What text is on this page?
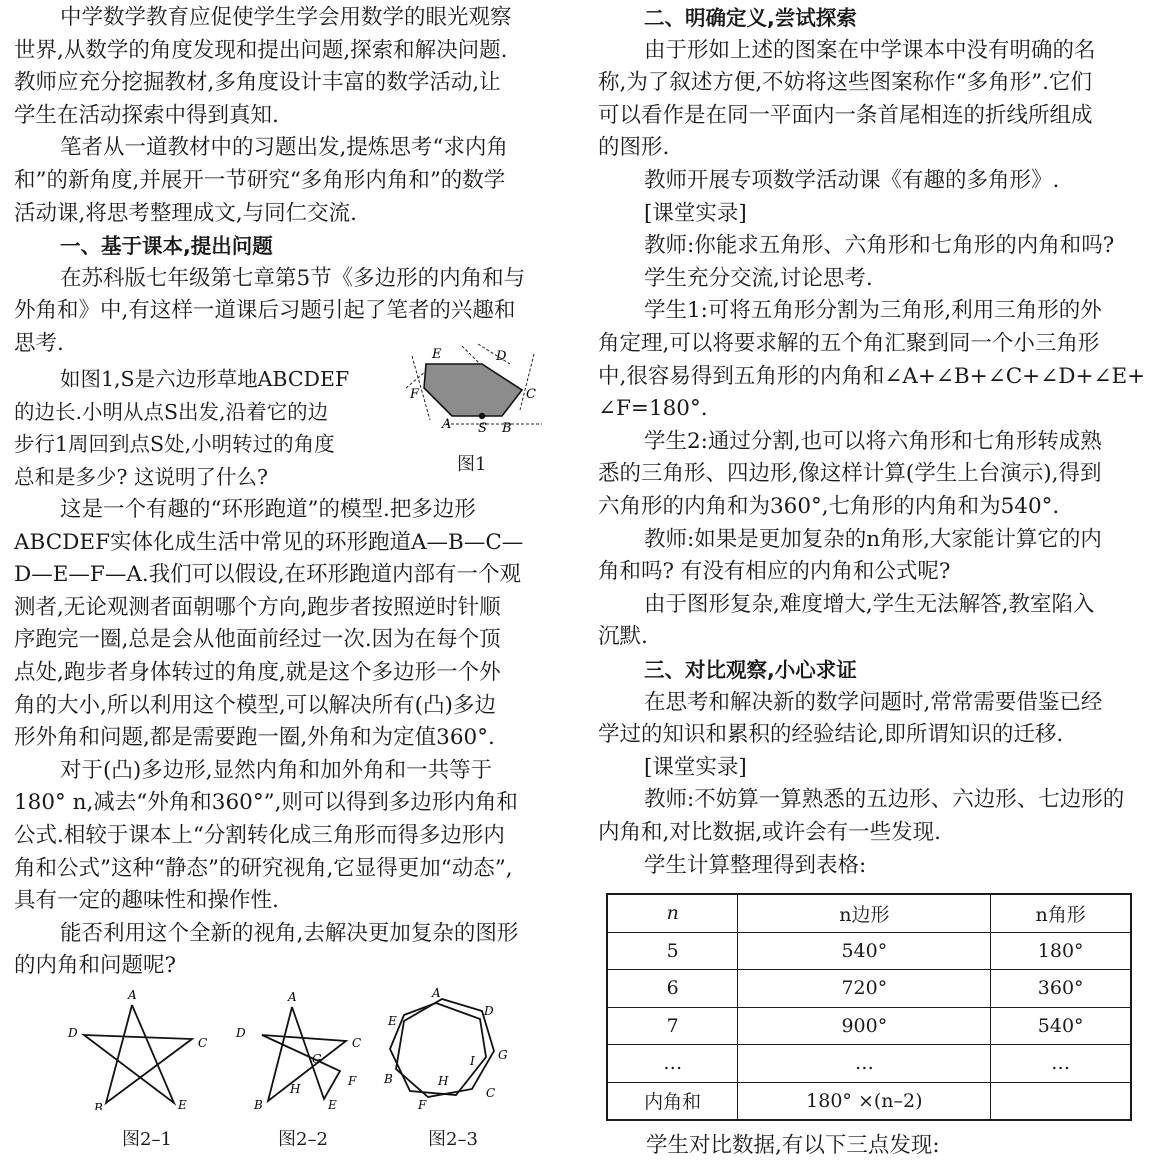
中学数学教育应促使学生学会用数学的眼光观察
世界,从数学的角度发现和提出问题,探索和解决问题.
教师应充分挖掘教材,多角度设计丰富的数学活动,让
学生在活动探索中得到真知.
笔者从一道教材中的习题出发,提炼思考“求内角
和”的新角度,并展开一节研究“多角形内角和”的数学
活动课,将思考整理成文,与同仁交流.
一、基于课本,提出问题
在苏科版七年级第七章第5节《多边形的内角和与
外角和》中,有这样一道课后习题引起了笔者的兴趣和
思考.
如图1,S是六边形草地ABCDEF
的边长.小明从点S出发,沿着它的边
步行1周回到点S处,小明转过的角度
总和是多少? 这说明了什么?
E	D
F	C
A S B
图1
这是一个有趣的“环形跑道”的模型.把多边形
ABCDEF实体化成生活中常见的环形跑道A—B—C—
D—E—F—A.我们可以假设,在环形跑道内部有一个观
测者,无论观测者面朝哪个方向,跑步者按照逆时针顺
序跑完一圈,总是会从他面前经过一次.因为在每个顶
点处,跑步者身体转过的角度,就是这个多边形一个外
角的大小,所以利用这个模型,可以解决所有(凸)多边
形外角和问题,都是需要跑一圈,外角和为定值360°.
对于(凸)多边形,显然内角和加外角和一共等于
180° n,减去“外角和360°”,则可以得到多边形内角和
公式.相较于课本上“分割转化成三角形而得多边形内
角和公式”这种“静态”的研究视角,它显得更加“动态”,
具有一定的趣味性和操作性.
能否利用这个全新的视角,去解决更加复杂的图形
的内角和问题呢?
A
D
C
B	E
图2–1
A
D
C
G
F
H
B	E
图2–2
A
E
D
G
I
B	H
C
F
图2–3
二、明确定义,尝试探索
由于形如上述的图案在中学课本中没有明确的名
称,为了叙述方便,不妨将这些图案称作“多角形”.它们
可以看作是在同一平面内一条首尾相连的折线所组成
的图形.
教师开展专项数学活动课《有趣的多角形》.
[课堂实录]
教师:你能求五角形、六角形和七角形的内角和吗?
学生充分交流,讨论思考.
学生1:可将五角形分割为三角形,利用三角形的外
角定理,可以将要求解的五个角汇聚到同一个小三角形
中,很容易得到五角形的内角和∠A+∠B+∠C+∠D+∠E+
∠F=180°.
学生2:通过分割,也可以将六角形和七角形转成熟
悉的三角形、四边形,像这样计算(学生上台演示),得到
六角形的内角和为360°,七角形的内角和为540°.
教师:如果是更加复杂的n角形,大家能计算它的内
角和吗? 有没有相应的内角和公式呢?
由于图形复杂,难度增大,学生无法解答,教室陷入
沉默.
三、对比观察,小心求证
在思考和解决新的数学问题时,常常需要借鉴已经
学过的知识和累积的经验结论,即所谓知识的迁移.
[课堂实录]
教师:不妨算一算熟悉的五边形、六边形、七边形的
内角和,对比数据,或许会有一些发现.
学生计算整理得到表格:
n	n边形	n角形
5	540°	180°
6	720°	360°
7	900°	540°
…	…	…
内角和	180° ×(n–2)	
学生对比数据,有以下三点发现:
